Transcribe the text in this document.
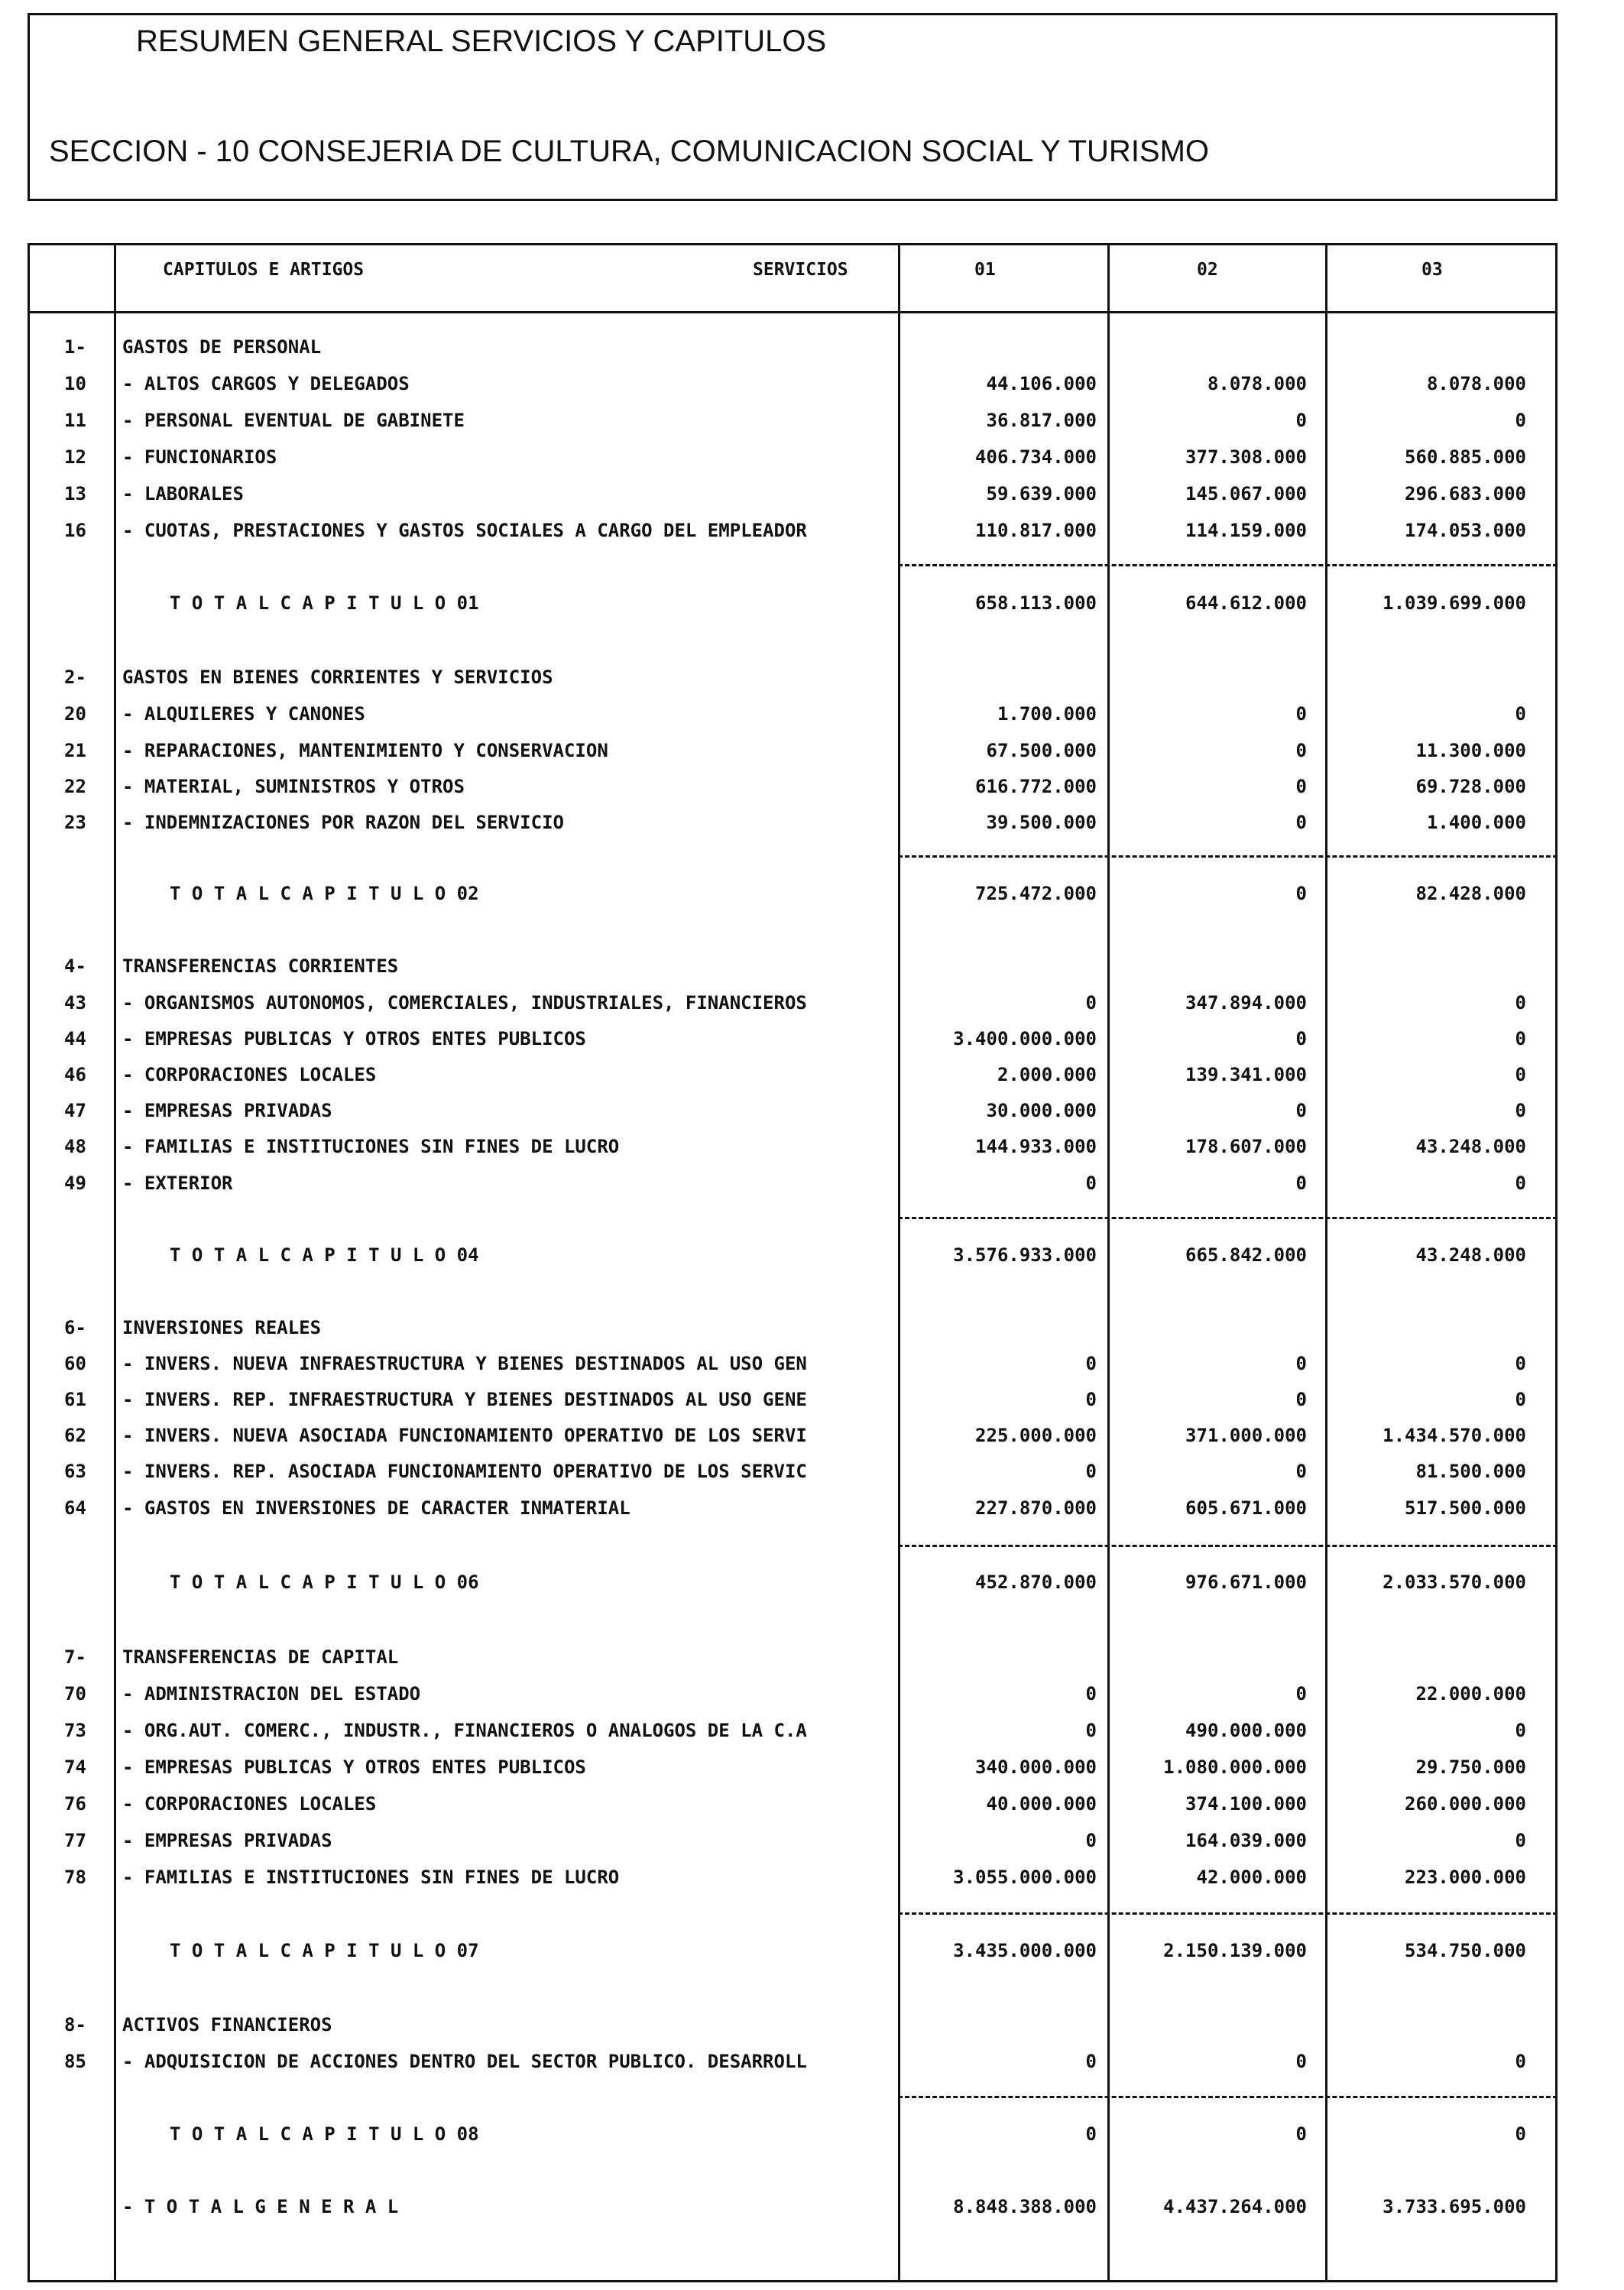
RESUMEN GENERAL SERVICIOS Y CAPITULOS
SECCION - 10 CONSEJERIA DE CULTURA, COMUNICACION SOCIAL Y TURISMO
CAPITULOS E ARTIGOS	SERVICIOS	01	02	03
1- GASTOS DE PERSONAL
10 - ALTOS CARGOS Y DELEGADOS	44.106.000	8.078.000	8.078.000
11 - PERSONAL EVENTUAL DE GABINETE	36.817.000	0	0
12 - FUNCIONARIOS	406.734.000	377.308.000	560.885.000
13 - LABORALES	59.639.000	145.067.000	296.683.000
16 - CUOTAS, PRESTACIONES Y GASTOS SOCIALES A CARGO DEL EMPLEADOR	110.817.000	114.159.000	174.053.000
T O T A L C A P I T U L O 01	658.113.000	644.612.000	1.039.699.000
2- GASTOS EN BIENES CORRIENTES Y SERVICIOS
20 - ALQUILERES Y CANONES	1.700.000	0	0
21 - REPARACIONES, MANTENIMIENTO Y CONSERVACION	67.500.000	0	11.300.000
22 - MATERIAL, SUMINISTROS Y OTROS	616.772.000	0	69.728.000
23 - INDEMNIZACIONES POR RAZON DEL SERVICIO	39.500.000	0	1.400.000
T O T A L C A P I T U L O 02	725.472.000	0	82.428.000
4- TRANSFERENCIAS CORRIENTES
43 - ORGANISMOS AUTONOMOS, COMERCIALES, INDUSTRIALES, FINANCIEROS	0	347.894.000	0
44 - EMPRESAS PUBLICAS Y OTROS ENTES PUBLICOS	3.400.000.000	0	0
46 - CORPORACIONES LOCALES	2.000.000	139.341.000	0
47 - EMPRESAS PRIVADAS	30.000.000	0	0
48 - FAMILIAS E INSTITUCIONES SIN FINES DE LUCRO	144.933.000	178.607.000	43.248.000
49 - EXTERIOR	0	0	0
T O T A L C A P I T U L O 04	3.576.933.000	665.842.000	43.248.000
6- INVERSIONES REALES
60 - INVERS. NUEVA INFRAESTRUCTURA Y BIENES DESTINADOS AL USO GEN	0	0	0
61 - INVERS. REP. INFRAESTRUCTURA Y BIENES DESTINADOS AL USO GENE	0	0	0
62 - INVERS. NUEVA ASOCIADA FUNCIONAMIENTO OPERATIVO DE LOS SERVI	225.000.000	371.000.000	1.434.570.000
63 - INVERS. REP. ASOCIADA FUNCIONAMIENTO OPERATIVO DE LOS SERVIC	0	0	81.500.000
64 - GASTOS EN INVERSIONES DE CARACTER INMATERIAL	227.870.000	605.671.000	517.500.000
T O T A L C A P I T U L O 06	452.870.000	976.671.000	2.033.570.000
7- TRANSFERENCIAS DE CAPITAL
70 - ADMINISTRACION DEL ESTADO	0	0	22.000.000
73 - ORG.AUT. COMERC., INDUSTR., FINANCIEROS O ANALOGOS DE LA C.A	0	490.000.000	0
74 - EMPRESAS PUBLICAS Y OTROS ENTES PUBLICOS	340.000.000	1.080.000.000	29.750.000
76 - CORPORACIONES LOCALES	40.000.000	374.100.000	260.000.000
77 - EMPRESAS PRIVADAS	0	164.039.000	0
78 - FAMILIAS E INSTITUCIONES SIN FINES DE LUCRO	3.055.000.000	42.000.000	223.000.000
T O T A L C A P I T U L O 07	3.435.000.000	2.150.139.000	534.750.000
8- ACTIVOS FINANCIEROS
85 - ADQUISICION DE ACCIONES DENTRO DEL SECTOR PUBLICO. DESARROLL	0	0	0
T O T A L C A P I T U L O 08	0	0	0
- T O T A L G E N E R A L	8.848.388.000	4.437.264.000	3.733.695.000
